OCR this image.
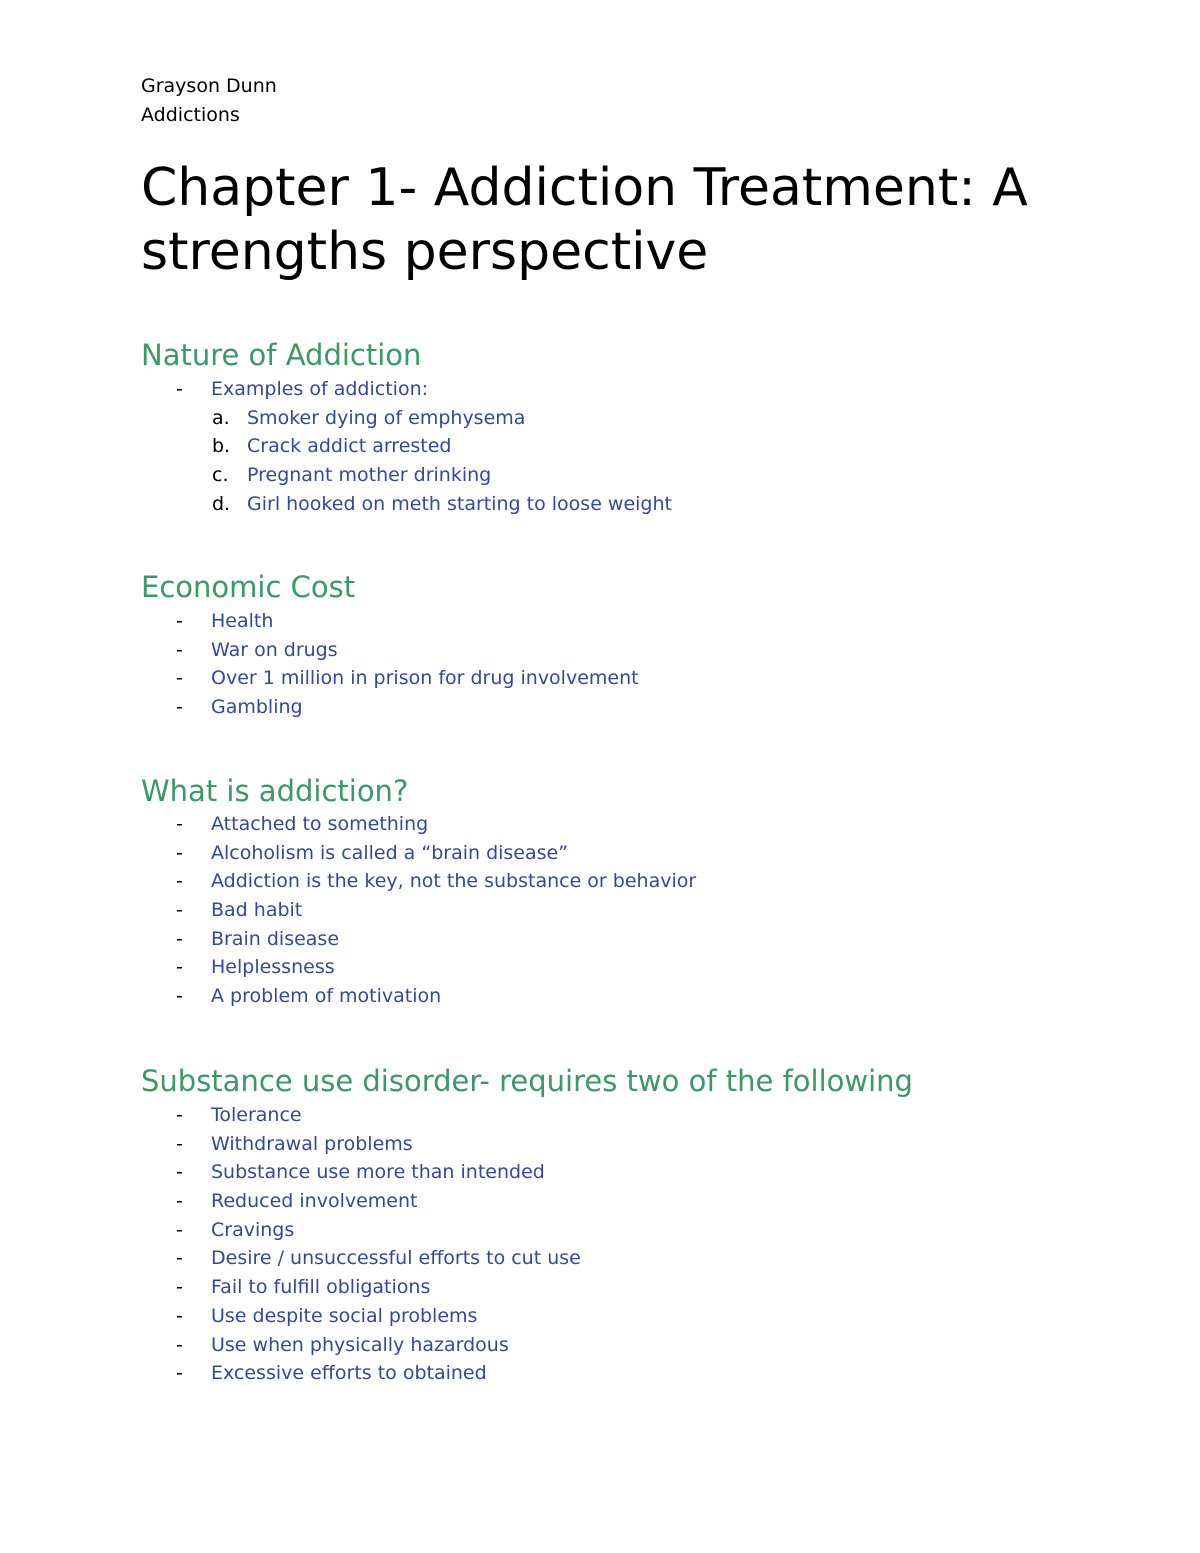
Grayson Dunn
Addictions
Chapter 1- Addiction Treatment: A strengths perspective
Nature of Addiction
- Examples of addiction:
a. Smoker dying of emphysema
b. Crack addict arrested
c. Pregnant mother drinking
d. Girl hooked on meth starting to loose weight
Economic Cost
- Health
- War on drugs
- Over 1 million in prison for drug involvement
- Gambling
What is addiction?
- Attached to something
- Alcoholism is called a “brain disease”
- Addiction is the key, not the substance or behavior
- Bad habit
- Brain disease
- Helplessness
- A problem of motivation
Substance use disorder- requires two of the following
- Tolerance
- Withdrawal problems
- Substance use more than intended
- Reduced involvement
- Cravings
- Desire / unsuccessful efforts to cut use
- Fail to fulfill obligations
- Use despite social problems
- Use when physically hazardous
- Excessive efforts to obtained
